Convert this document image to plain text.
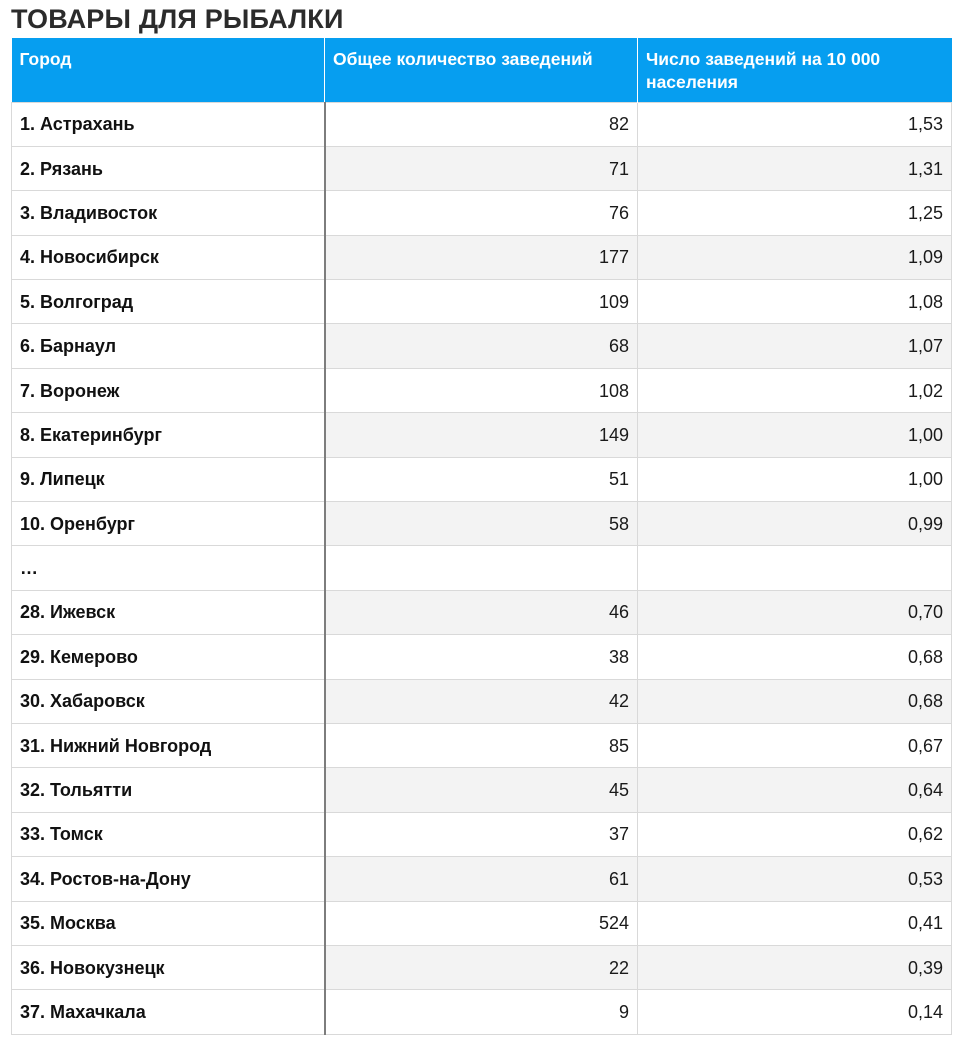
ТОВАРЫ ДЛЯ РЫБАЛКИ
Город	Общее количество заведений	Число заведений на 10 000 населения
1. Астрахань	82	1,53
2. Рязань	71	1,31
3. Владивосток	76	1,25
4. Новосибирск	177	1,09
5. Волгоград	109	1,08
6. Барнаул	68	1,07
7. Воронеж	108	1,02
8. Екатеринбург	149	1,00
9. Липецк	51	1,00
10. Оренбург	58	0,99
…		
28. Ижевск	46	0,70
29. Кемерово	38	0,68
30. Хабаровск	42	0,68
31. Нижний Новгород	85	0,67
32. Тольятти	45	0,64
33. Томск	37	0,62
34. Ростов-на-Дону	61	0,53
35. Москва	524	0,41
36. Новокузнецк	22	0,39
37. Махачкала	9	0,14
